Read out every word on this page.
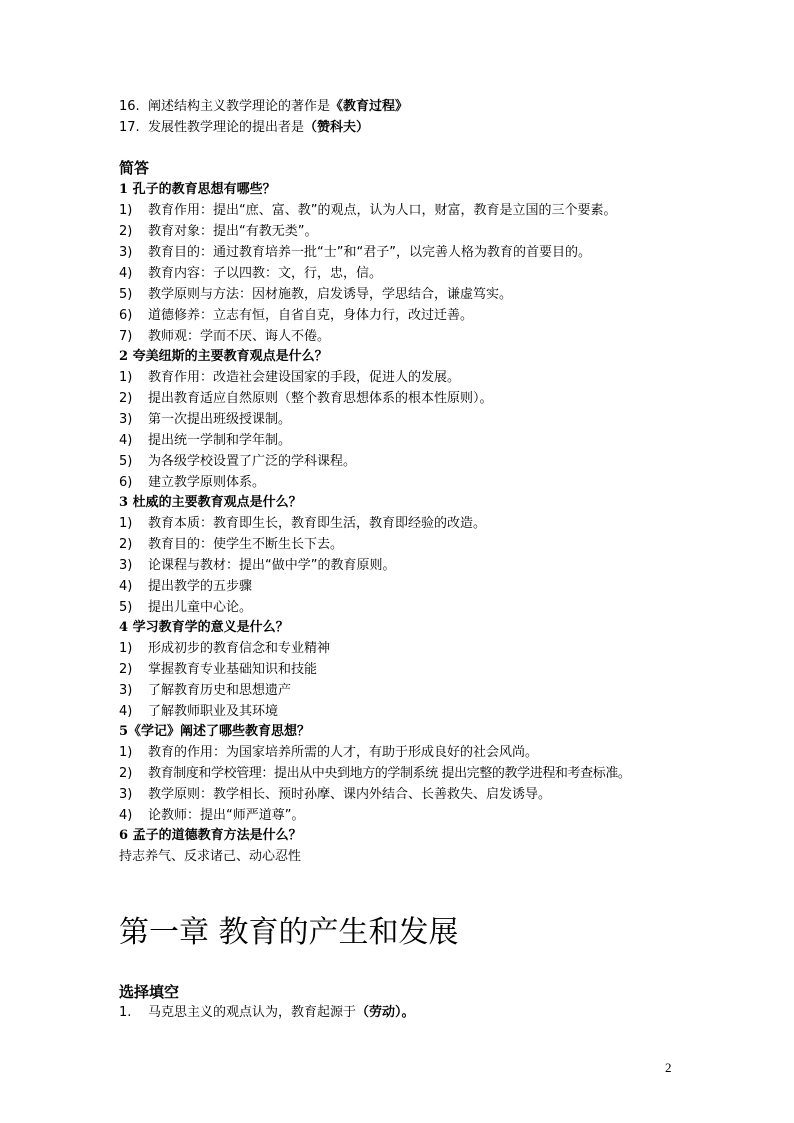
16. 阐述结构主义教学理论的著作是《教育过程》
17. 发展性教学理论的提出者是（赞科夫）
简答
1 孔子的教育思想有哪些？
1) 教育作用：提出“庶、富、教”的观点，认为人口，财富，教育是立国的三个要素。
2) 教育对象：提出“有教无类”。
3) 教育目的：通过教育培养一批“士”和“君子”，以完善人格为教育的首要目的。
4) 教育内容：子以四教：文，行，忠，信。
5) 教学原则与方法：因材施教，启发诱导，学思结合，谦虚笃实。
6) 道德修养：立志有恒，自省自克，身体力行，改过迁善。
7) 教师观：学而不厌、诲人不倦。
2 夸美纽斯的主要教育观点是什么？
1) 教育作用：改造社会建设国家的手段，促进人的发展。
2) 提出教育适应自然原则（整个教育思想体系的根本性原则）。
3) 第一次提出班级授课制。
4) 提出统一学制和学年制。
5) 为各级学校设置了广泛的学科课程。
6) 建立教学原则体系。
3 杜威的主要教育观点是什么？
1) 教育本质：教育即生长，教育即生活，教育即经验的改造。
2) 教育目的：使学生不断生长下去。
3) 论课程与教材：提出“做中学”的教育原则。
4) 提出教学的五步骤
5) 提出儿童中心论。
4 学习教育学的意义是什么？
1) 形成初步的教育信念和专业精神
2) 掌握教育专业基础知识和技能
3) 了解教育历史和思想遗产
4) 了解教师职业及其环境
5《学记》阐述了哪些教育思想？
1) 教育的作用：为国家培养所需的人才，有助于形成良好的社会风尚。
2) 教育制度和学校管理：提出从中央到地方的学制系统 提出完整的教学进程和考查标准。
3) 教学原则：教学相长、预时孙摩、课内外结合、长善救失、启发诱导。
4) 论教师：提出“师严道尊”。
6 孟子的道德教育方法是什么？
持志养气、反求诸己、动心忍性
第一章 教育的产生和发展
选择填空
1. 马克思主义的观点认为，教育起源于（劳动）。
2
